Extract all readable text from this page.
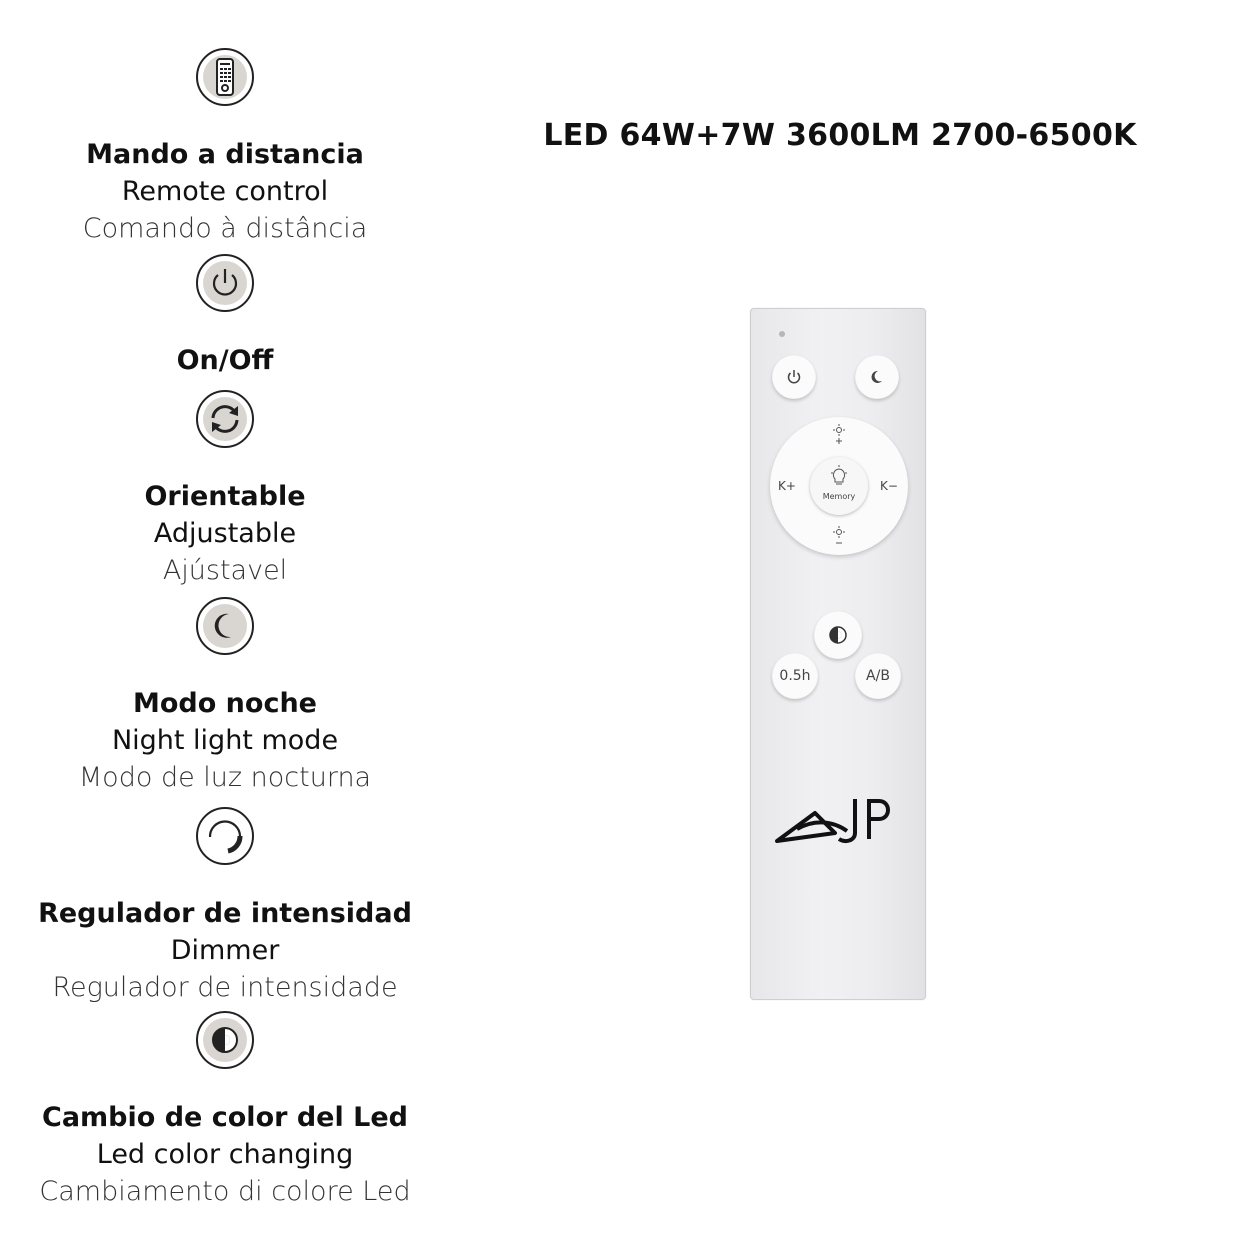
Mando a distancia
Remote control
Comando à distância
On/Off
Orientable
Adjustable
Ajústavel
Modo noche
Night light mode
Modo de luz nocturna
Regulador de intensidad
Dimmer
Regulador de intensidade
Cambio de color del Led
Led color changing
Cambiamento di colore Led
LED 64W+7W 3600LM 2700-6500K
K+	K−
Memory
0.5h	A/B
